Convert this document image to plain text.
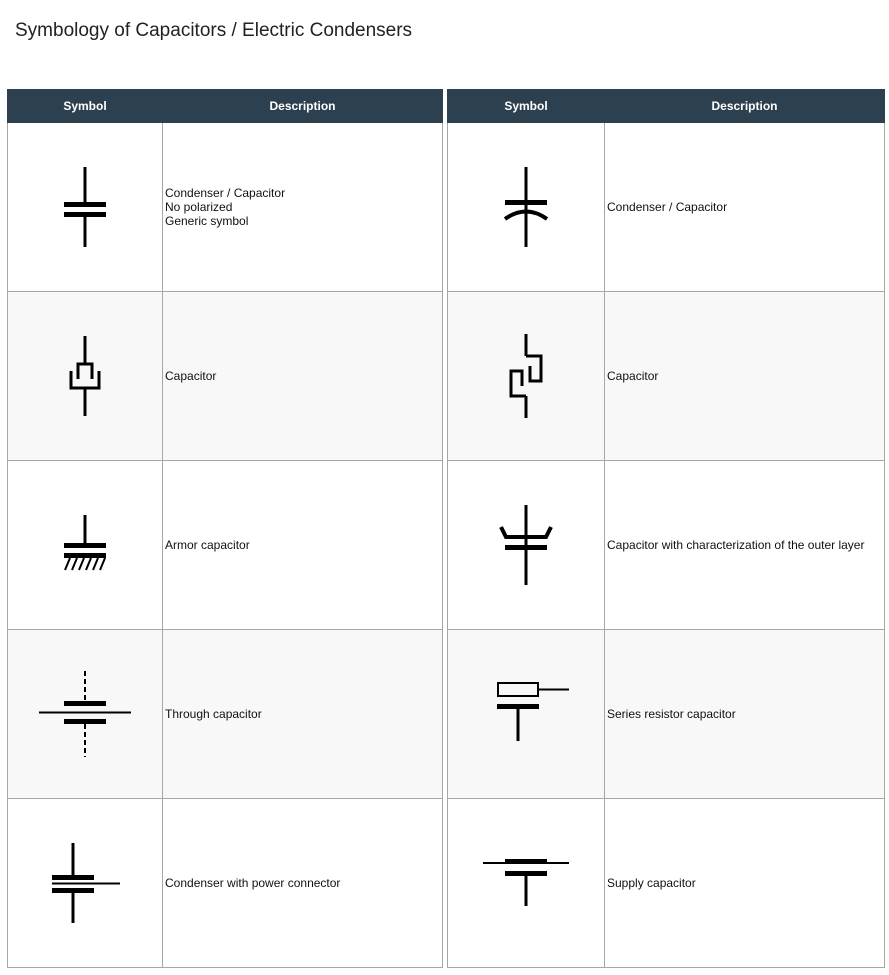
Symbology of Capacitors / Electric Condensers
Symbol	Description

Condenser / Capacitor
No polarized
Generic symbol

Capacitor

Armor capacitor

Through capacitor

Condenser with power connector
Symbol	Description

Condenser / Capacitor

Capacitor

Capacitor with characterization of the outer layer

Series resistor capacitor

Supply capacitor
